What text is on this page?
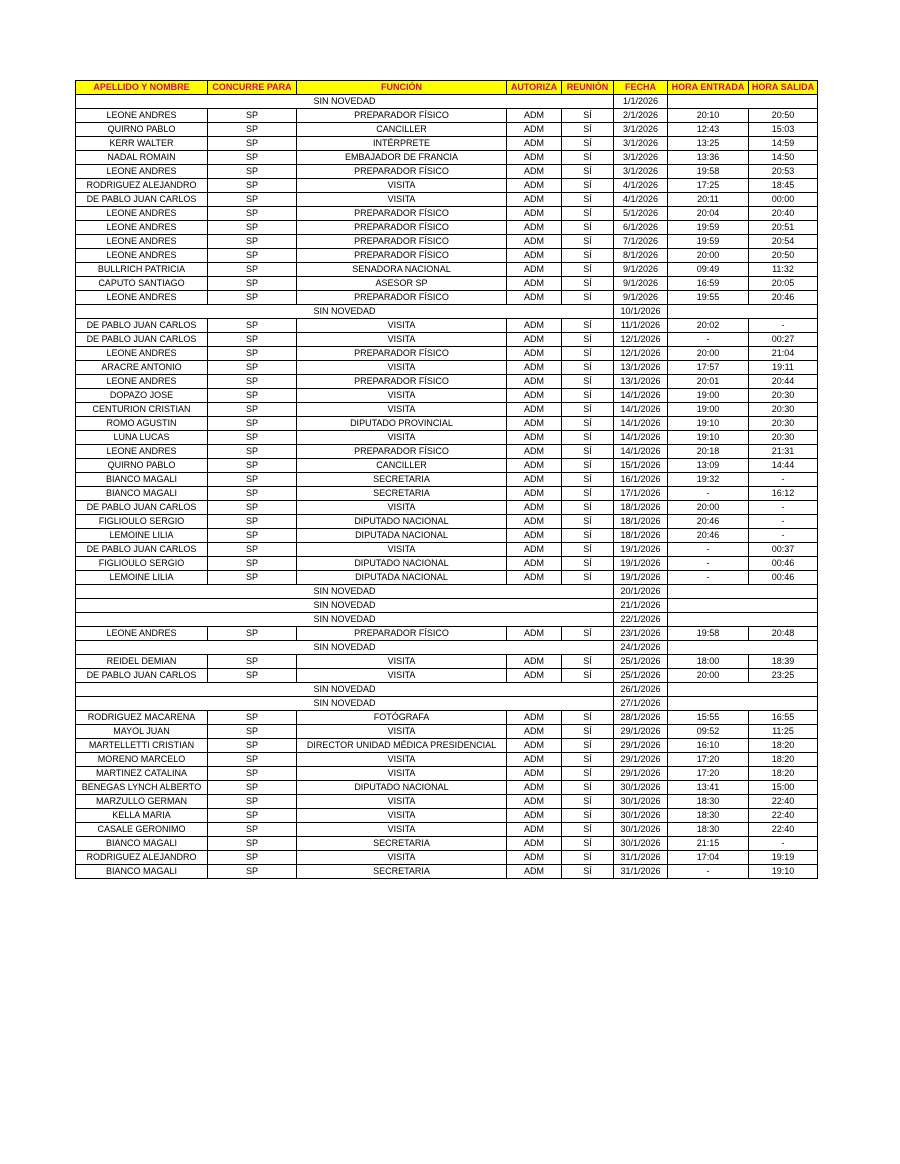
APELLIDO Y NOMBRE	CONCURRE PARA	FUNCIÓN	AUTORIZA	REUNIÓN	FECHA	HORA ENTRADA	HORA SALIDA
SIN NOVEDAD					1/1/2026		
LEONE ANDRES	SP	PREPARADOR FÍSICO	ADM	SÍ	2/1/2026	20:10	20:50
QUIRNO PABLO	SP	CANCILLER	ADM	SÍ	3/1/2026	12:43	15:03
KERR WALTER	SP	INTÉRPRETE	ADM	SÍ	3/1/2026	13:25	14:59
NADAL ROMAIN	SP	EMBAJADOR DE FRANCIA	ADM	SÍ	3/1/2026	13:36	14:50
LEONE ANDRES	SP	PREPARADOR FÍSICO	ADM	SÍ	3/1/2026	19:58	20:53
RODRIGUEZ ALEJANDRO	SP	VISITA	ADM	SÍ	4/1/2026	17:25	18:45
DE PABLO JUAN CARLOS	SP	VISITA	ADM	SÍ	4/1/2026	20:11	00:00
LEONE ANDRES	SP	PREPARADOR FÍSICO	ADM	SÍ	5/1/2026	20:04	20:40
LEONE ANDRES	SP	PREPARADOR FÍSICO	ADM	SÍ	6/1/2026	19:59	20:51
LEONE ANDRES	SP	PREPARADOR FÍSICO	ADM	SÍ	7/1/2026	19:59	20:54
LEONE ANDRES	SP	PREPARADOR FÍSICO	ADM	SÍ	8/1/2026	20:00	20:50
BULLRICH PATRICIA	SP	SENADORA NACIONAL	ADM	SÍ	9/1/2026	09:49	11:32
CAPUTO SANTIAGO	SP	ASESOR SP	ADM	SÍ	9/1/2026	16:59	20:05
LEONE ANDRES	SP	PREPARADOR FÍSICO	ADM	SÍ	9/1/2026	19:55	20:46
SIN NOVEDAD					10/1/2026		
DE PABLO JUAN CARLOS	SP	VISITA	ADM	SÍ	11/1/2026	20:02	-
DE PABLO JUAN CARLOS	SP	VISITA	ADM	SÍ	12/1/2026	-	00:27
LEONE ANDRES	SP	PREPARADOR FÍSICO	ADM	SÍ	12/1/2026	20:00	21:04
ARACRE ANTONIO	SP	VISITA	ADM	SÍ	13/1/2026	17:57	19:11
LEONE ANDRES	SP	PREPARADOR FÍSICO	ADM	SÍ	13/1/2026	20:01	20:44
DOPAZO JOSE	SP	VISITA	ADM	SÍ	14/1/2026	19:00	20:30
CENTURION CRISTIAN	SP	VISITA	ADM	SÍ	14/1/2026	19:00	20:30
ROMO AGUSTIN	SP	DIPUTADO PROVINCIAL	ADM	SÍ	14/1/2026	19:10	20:30
LUNA LUCAS	SP	VISITA	ADM	SÍ	14/1/2026	19:10	20:30
LEONE ANDRES	SP	PREPARADOR FÍSICO	ADM	SÍ	14/1/2026	20:18	21:31
QUIRNO PABLO	SP	CANCILLER	ADM	SÍ	15/1/2026	13:09	14:44
BIANCO MAGALI	SP	SECRETARIA	ADM	SÍ	16/1/2026	19:32	-
BIANCO MAGALI	SP	SECRETARIA	ADM	SÍ	17/1/2026	-	16:12
DE PABLO JUAN CARLOS	SP	VISITA	ADM	SÍ	18/1/2026	20:00	-
FIGLIOULO SERGIO	SP	DIPUTADO NACIONAL	ADM	SÍ	18/1/2026	20:46	-
LEMOINE LILIA	SP	DIPUTADA NACIONAL	ADM	SÍ	18/1/2026	20:46	-
DE PABLO JUAN CARLOS	SP	VISITA	ADM	SÍ	19/1/2026	-	00:37
FIGLIOULO SERGIO	SP	DIPUTADO NACIONAL	ADM	SÍ	19/1/2026	-	00:46
LEMOINE LILIA	SP	DIPUTADA NACIONAL	ADM	SÍ	19/1/2026	-	00:46
SIN NOVEDAD					20/1/2026		
SIN NOVEDAD					21/1/2026		
SIN NOVEDAD					22/1/2026		
LEONE ANDRES	SP	PREPARADOR FÍSICO	ADM	SÍ	23/1/2026	19:58	20:48
SIN NOVEDAD					24/1/2026		
REIDEL DEMIAN	SP	VISITA	ADM	SÍ	25/1/2026	18:00	18:39
DE PABLO JUAN CARLOS	SP	VISITA	ADM	SÍ	25/1/2026	20:00	23:25
SIN NOVEDAD					26/1/2026		
SIN NOVEDAD					27/1/2026		
RODRIGUEZ MACARENA	SP	FOTÓGRAFA	ADM	SÍ	28/1/2026	15:55	16:55
MAYOL JUAN	SP	VISITA	ADM	SÍ	29/1/2026	09:52	11:25
MARTELLETTI CRISTIAN	SP	DIRECTOR UNIDAD MÉDICA PRESIDENCIAL	ADM	SÍ	29/1/2026	16:10	18:20
MORENO MARCELO	SP	VISITA	ADM	SÍ	29/1/2026	17:20	18:20
MARTINEZ CATALINA	SP	VISITA	ADM	SÍ	29/1/2026	17:20	18:20
BENEGAS LYNCH ALBERTO	SP	DIPUTADO NACIONAL	ADM	SÍ	30/1/2026	13:41	15:00
MARZULLO GERMAN	SP	VISITA	ADM	SÍ	30/1/2026	18:30	22:40
KELLA MARIA	SP	VISITA	ADM	SÍ	30/1/2026	18:30	22:40
CASALE GERONIMO	SP	VISITA	ADM	SÍ	30/1/2026	18:30	22:40
BIANCO MAGALI	SP	SECRETARIA	ADM	SÍ	30/1/2026	21:15	-
RODRIGUEZ ALEJANDRO	SP	VISITA	ADM	SÍ	31/1/2026	17:04	19:19
BIANCO MAGALI	SP	SECRETARIA	ADM	SÍ	31/1/2026	-	19:10
